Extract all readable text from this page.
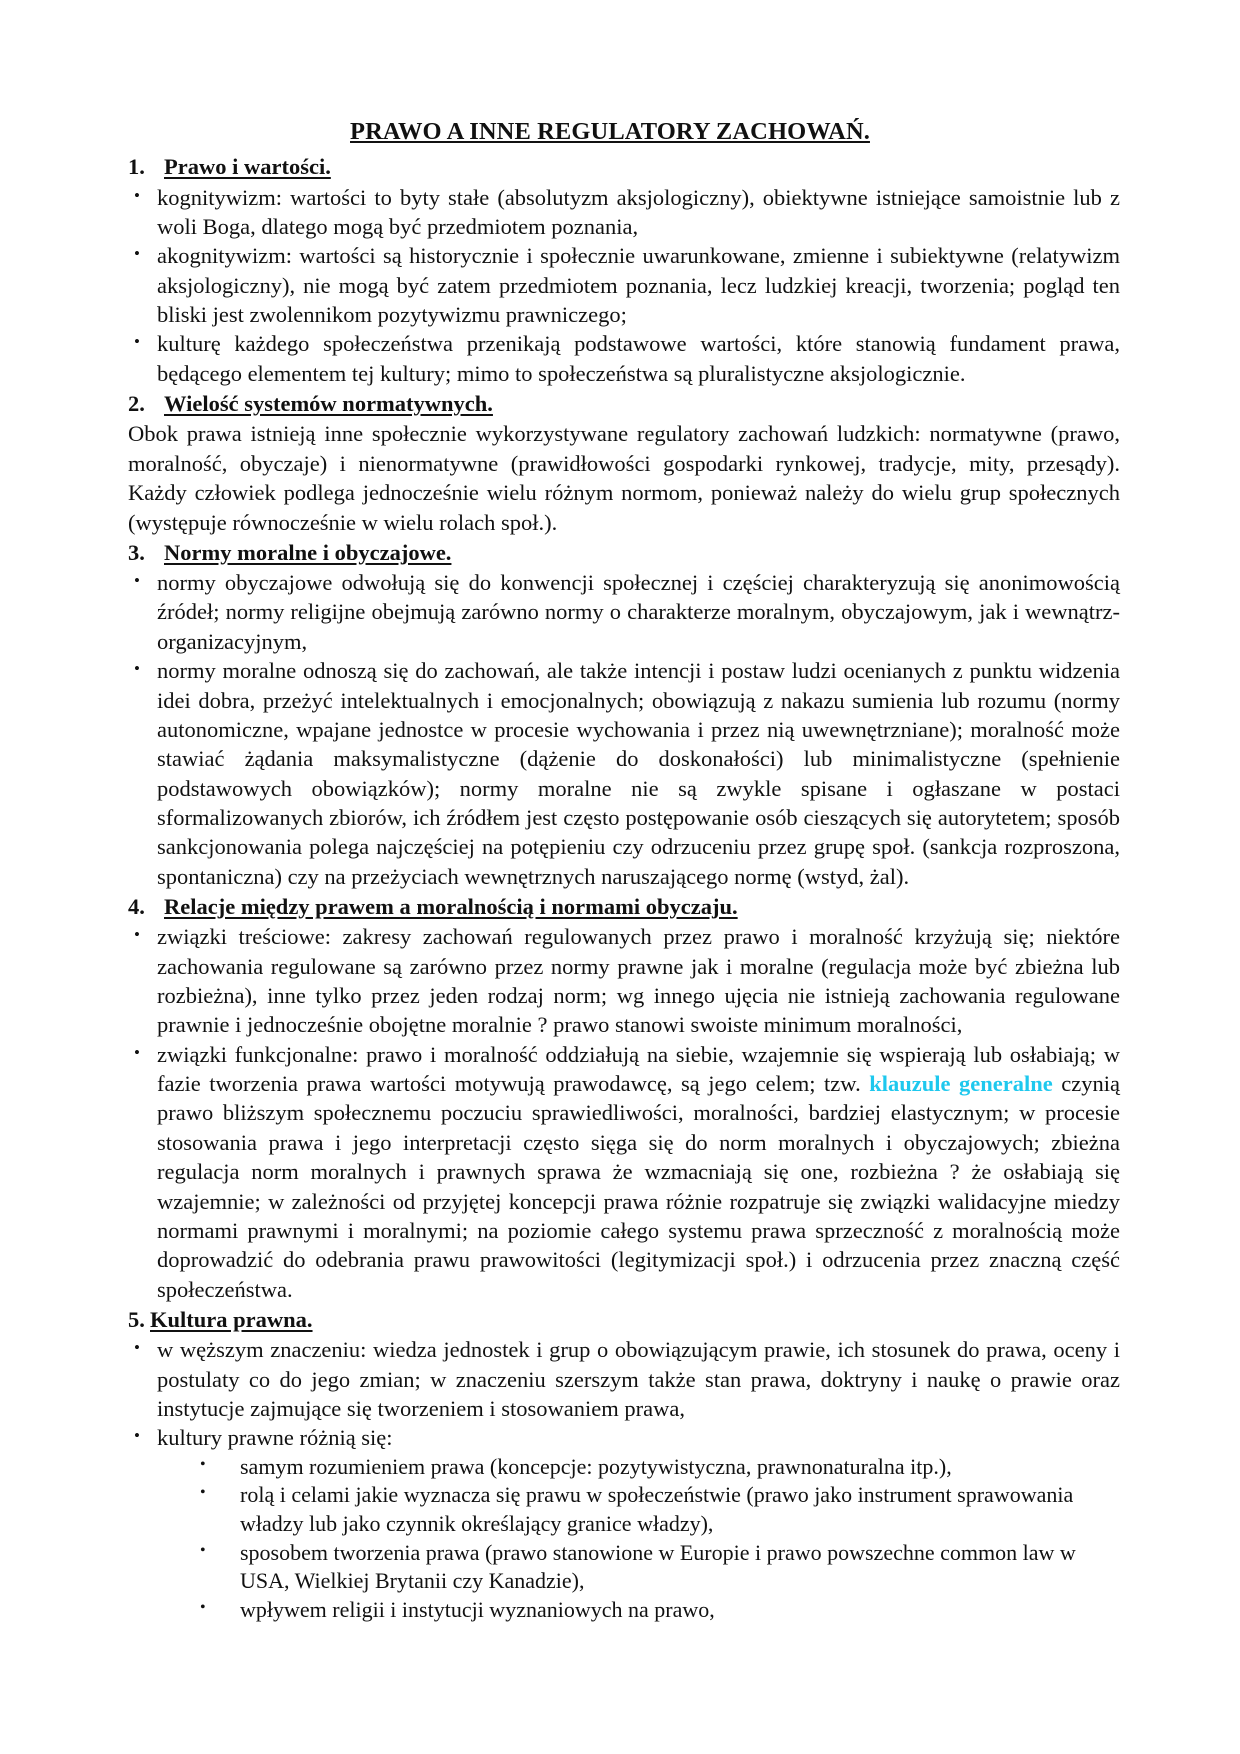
PRAWO A INNE REGULATORY ZACHOWAŃ.
1. Prawo i wartości.

• kognitywizm: wartości to byty stałe (absolutyzm aksjologiczny), obiektywne istniejące samoistnie lub z woli Boga, dlatego mogą być przedmiotem poznania,

• akognitywizm: wartości są historycznie i społecznie uwarunkowane, zmienne i subiektywne (relatywizm aksjologiczny), nie mogą być zatem przedmiotem poznania, lecz ludzkiej kreacji, tworzenia; pogląd ten bliski jest zwolennikom pozytywizmu prawniczego;

• kulturę każdego społeczeństwa przenikają podstawowe wartości, które stanowią fundament prawa, będącego elementem tej kultury; mimo to społeczeństwa są pluralistyczne aksjologicznie.

2. Wielość systemów normatywnych.

Obok prawa istnieją inne społecznie wykorzystywane regulatory zachowań ludzkich: normatywne (prawo, moralność, obyczaje) i nienormatywne (prawidłowości gospodarki rynkowej, tradycje, mity, przesądy). Każdy człowiek podlega jednocześnie wielu różnym normom, ponieważ należy do wielu grup społecznych (występuje równocześnie w wielu rolach społ.).

3. Normy moralne i obyczajowe.

• normy obyczajowe odwołują się do konwencji społecznej i częściej charakteryzują się anonimowością źródeł; normy religijne obejmują zarówno normy o charakterze moralnym, obyczajowym, jak i wewnątrz-organizacyjnym,

• normy moralne odnoszą się do zachowań, ale także intencji i postaw ludzi ocenianych z punktu widzenia idei dobra, przeżyć intelektualnych i emocjonalnych; obowiązują z nakazu sumienia lub rozumu (normy autonomiczne, wpajane jednostce w procesie wychowania i przez nią uwewnętrzniane); moralność może stawiać żądania maksymalistyczne (dążenie do doskonałości) lub minimalistyczne (spełnienie podstawowych obowiązków); normy moralne nie są zwykle spisane i ogłaszane w postaci sformalizowanych zbiorów, ich źródłem jest często postępowanie osób cieszących się autorytetem; sposób sankcjonowania polega najczęściej na potępieniu czy odrzuceniu przez grupę społ. (sankcja rozproszona, spontaniczna) czy na przeżyciach wewnętrznych naruszającego normę (wstyd, żal).

4. Relacje między prawem a moralnością i normami obyczaju.

• związki treściowe: zakresy zachowań regulowanych przez prawo i moralność krzyżują się; niektóre zachowania regulowane są zarówno przez normy prawne jak i moralne (regulacja może być zbieżna lub rozbieżna), inne tylko przez jeden rodzaj norm; wg innego ujęcia nie istnieją zachowania regulowane prawnie i jednocześnie obojętne moralnie ? prawo stanowi swoiste minimum moralności,

• związki funkcjonalne: prawo i moralność oddziałują na siebie, wzajemnie się wspierają lub osłabiają; w fazie tworzenia prawa wartości motywują prawodawcę, są jego celem; tzw. klauzule generalne czynią prawo bliższym społecznemu poczuciu sprawiedliwości, moralności, bardziej elastycznym; w procesie stosowania prawa i jego interpretacji często sięga się do norm moralnych i obyczajowych; zbieżna regulacja norm moralnych i prawnych sprawa że wzmacniają się one, rozbieżna ? że osłabiają się wzajemnie; w zależności od przyjętej koncepcji prawa różnie rozpatruje się związki walidacyjne miedzy normami prawnymi i moralnymi; na poziomie całego systemu prawa sprzeczność z moralnością może doprowadzić do odebrania prawu prawowitości (legitymizacji społ.) i odrzucenia przez znaczną część społeczeństwa.

5. Kultura prawna.

• w węższym znaczeniu: wiedza jednostek i grup o obowiązującym prawie, ich stosunek do prawa, oceny i postulaty co do jego zmian; w znaczeniu szerszym także stan prawa, doktryny i naukę o prawie oraz instytucje zajmujące się tworzeniem i stosowaniem prawa,

• kultury prawne różnią się:

• samym rozumieniem prawa (koncepcje: pozytywistyczna, prawnonaturalna itp.),

• rolą i celami jakie wyznacza się prawu w społeczeństwie (prawo jako instrument sprawowania władzy lub jako czynnik określający granice władzy),

• sposobem tworzenia prawa (prawo stanowione w Europie i prawo powszechne common law w USA, Wielkiej Brytanii czy Kanadzie),

• wpływem religii i instytucji wyznaniowych na prawo,
